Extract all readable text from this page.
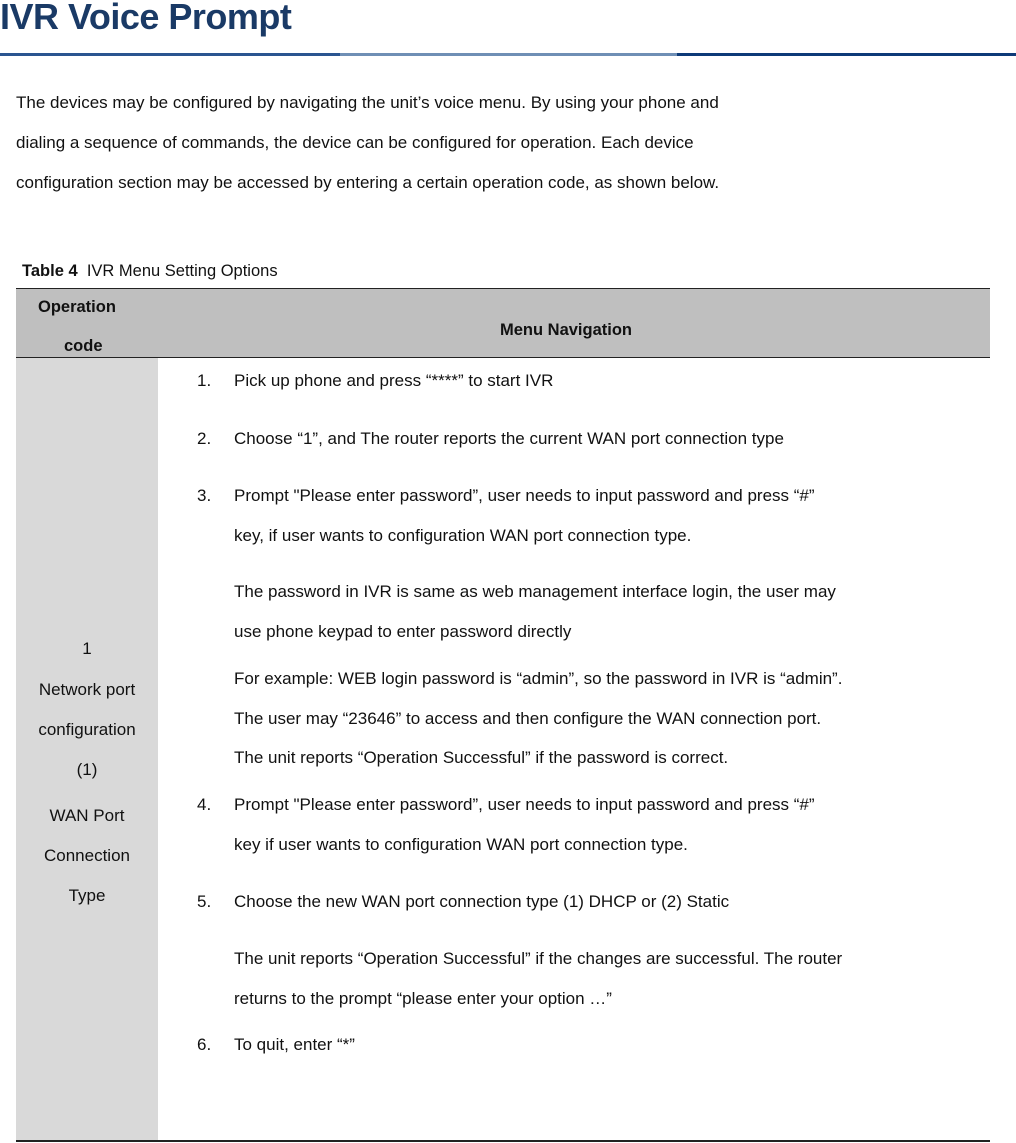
IVR Voice Prompt
The devices may be configured by navigating the unit’s voice menu. By using your phone and
dialing a sequence of commands, the device can be configured for operation. Each device
configuration section may be accessed by entering a certain operation code, as shown below.
Table 4 IVR Menu Setting Options
Operation
code
Menu Navigation
1
Network port
configuration
(1)
WAN Port
Connection
Type
1. Pick up phone and press “****” to start IVR
2. Choose “1”, and The router reports the current WAN port connection type
3. Prompt "Please enter password”, user needs to input password and press “#”
key, if user wants to configuration WAN port connection type.
The password in IVR is same as web management interface login, the user may
use phone keypad to enter password directly
For example: WEB login password is “admin”, so the password in IVR is “admin”.
The user may “23646” to access and then configure the WAN connection port.
The unit reports “Operation Successful” if the password is correct.
4. Prompt "Please enter password”, user needs to input password and press “#”
key if user wants to configuration WAN port connection type.
5. Choose the new WAN port connection type (1) DHCP or (2) Static
The unit reports “Operation Successful” if the changes are successful. The router
returns to the prompt “please enter your option …”
6. To quit, enter “*”
